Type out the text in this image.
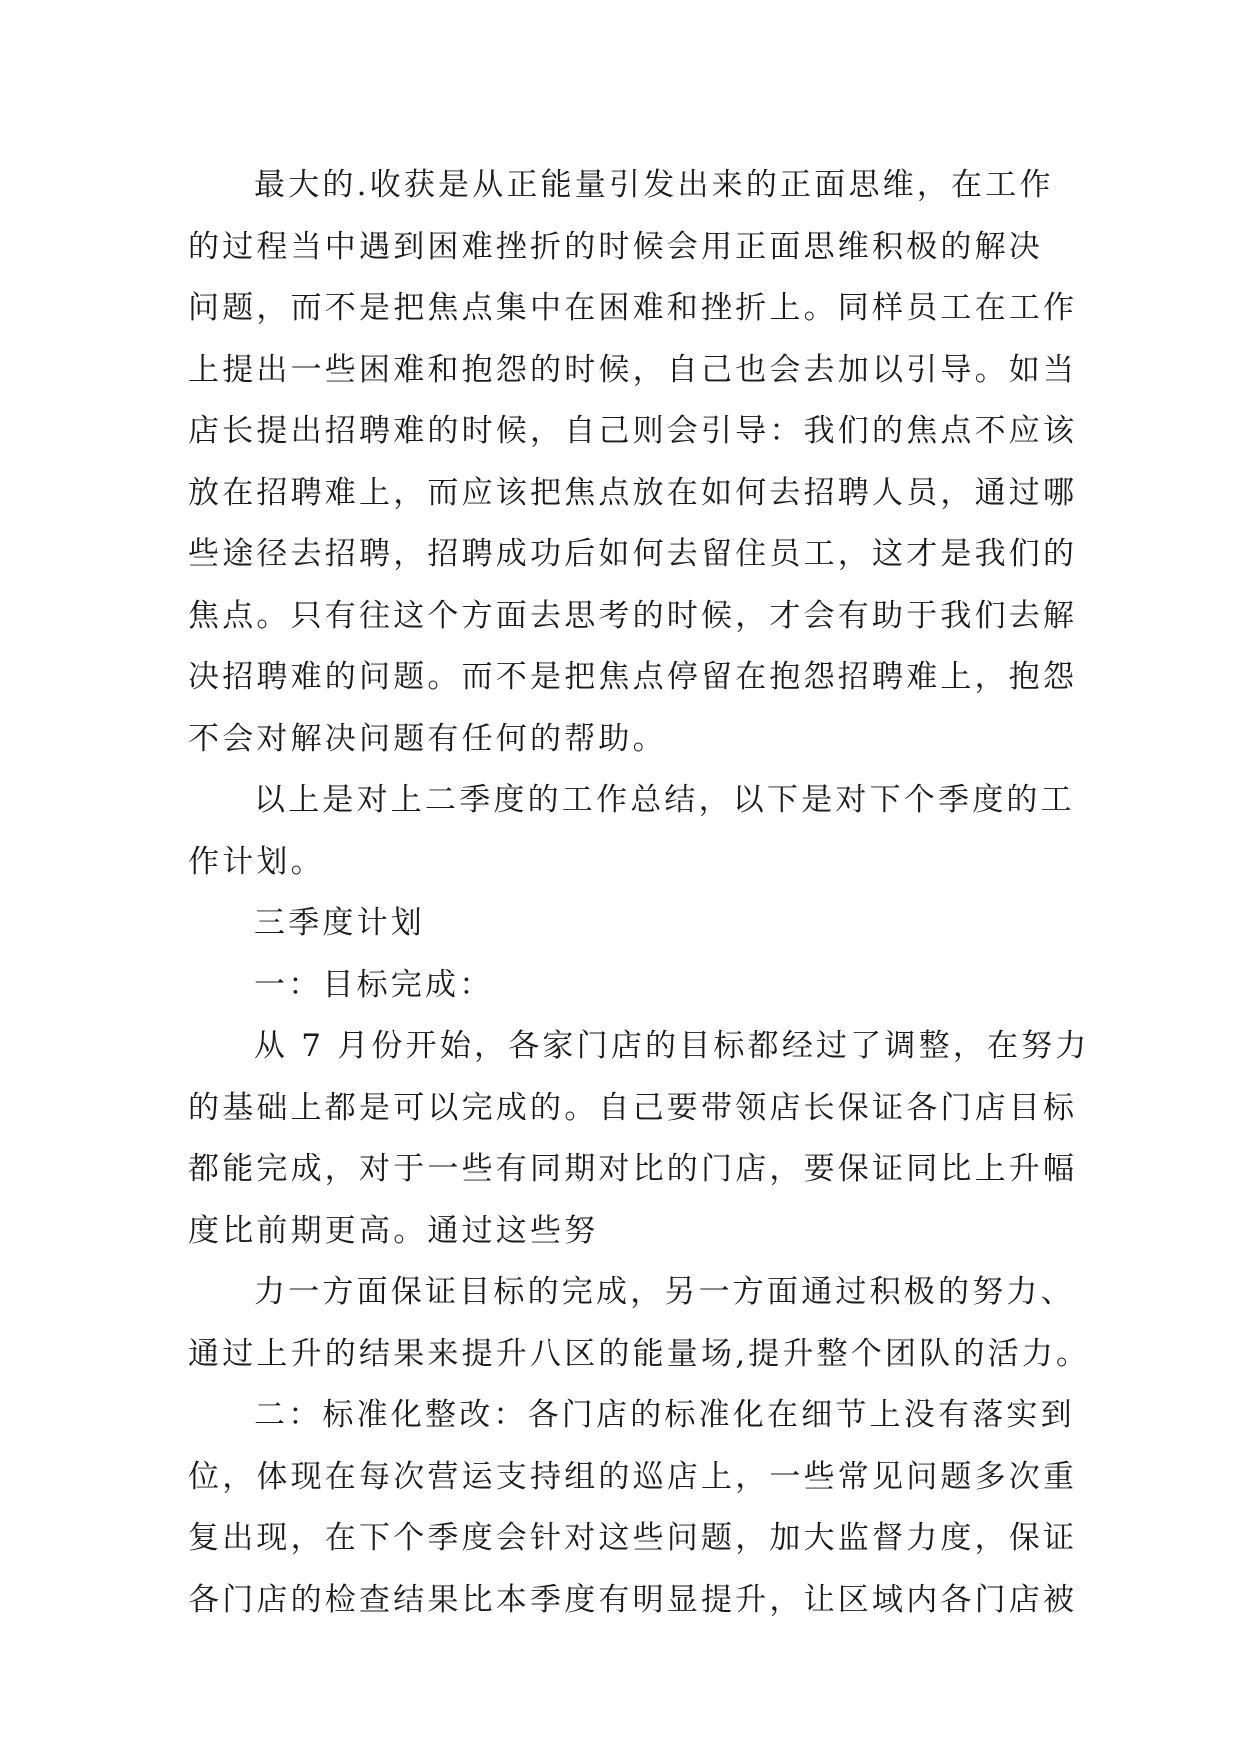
最大的.收获是从正能量引发出来的正面思维，在工作
的过程当中遇到困难挫折的时候会用正面思维积极的解决
问题，而不是把焦点集中在困难和挫折上。同样员工在工作
上提出一些困难和抱怨的时候，自己也会去加以引导。如当
店长提出招聘难的时候，自己则会引导：我们的焦点不应该
放在招聘难上，而应该把焦点放在如何去招聘人员，通过哪
些途径去招聘，招聘成功后如何去留住员工，这才是我们的
焦点。只有往这个方面去思考的时候，才会有助于我们去解
决招聘难的问题。而不是把焦点停留在抱怨招聘难上，抱怨
不会对解决问题有任何的帮助。
以上是对上二季度的工作总结，以下是对下个季度的工
作计划。
三季度计划
一：目标完成：
从 7 月份开始，各家门店的目标都经过了调整，在努力
的基础上都是可以完成的。自己要带领店长保证各门店目标
都能完成，对于一些有同期对比的门店，要保证同比上升幅
度比前期更高。通过这些努
力一方面保证目标的完成，另一方面通过积极的努力、
通过上升的结果来提升八区的能量场,提升整个团队的活力。
二：标准化整改：各门店的标准化在细节上没有落实到
位，体现在每次营运支持组的巡店上，一些常见问题多次重
复出现，在下个季度会针对这些问题，加大监督力度，保证
各门店的检查结果比本季度有明显提升，让区域内各门店被
